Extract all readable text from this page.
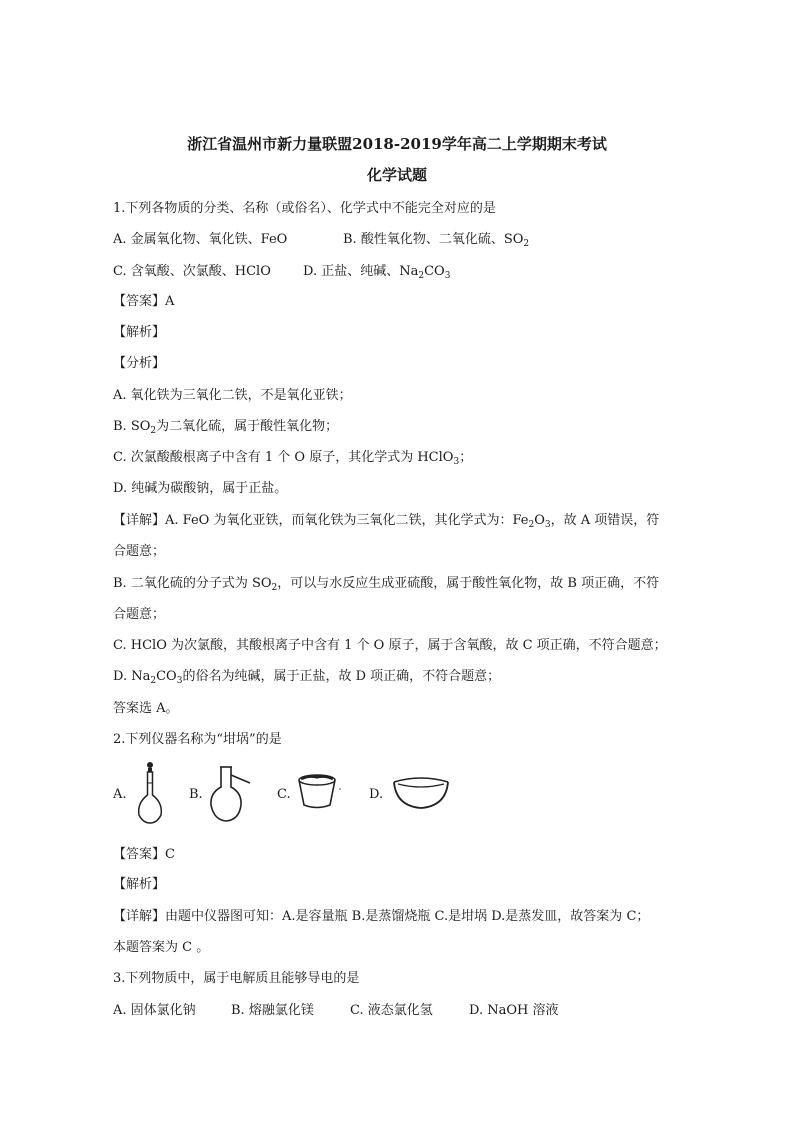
浙江省温州市新力量联盟2018-2019学年高二上学期期末考试
化学试题
1.下列各物质的分类、名称（或俗名）、化学式中不能完全对应的是
A. 金属氧化物、氧化铁、FeO	B. 酸性氧化物、二氧化硫、$SO_2$
C. 含氧酸、次氯酸、HClO D. 正盐、纯碱、$Na_2CO_3$
【答案】A
【解析】
【分析】
A. 氧化铁为三氧化二铁，不是氧化亚铁；
B. $SO_2$为二氧化硫，属于酸性氧化物；
C. 次氯酸酸根离子中含有 1 个 O 原子，其化学式为 HClO$_3$；
D. 纯碱为碳酸钠，属于正盐。
【详解】A. FeO 为氧化亚铁，而氧化铁为三氧化二铁，其化学式为：$Fe_2O_3$，故 A 项错误，符
合题意；
B. 二氧化硫的分子式为 $SO_2$，可以与水反应生成亚硫酸，属于酸性氧化物，故 B 项正确，不符
合题意；
C. HClO 为次氯酸，其酸根离子中含有 1 个 O 原子，属于含氧酸，故 C 项正确，不符合题意；
D. $Na_2CO_3$的俗名为纯碱，属于正盐，故 D 项正确，不符合题意；
答案选 A。
2.下列仪器名称为“坩埚”的是
A.	B.	C.	D.
【答案】C
【解析】
【详解】由题中仪器图可知：A.是容量瓶 B.是蒸馏烧瓶 C.是坩埚 D.是蒸发皿，故答案为 C；
本题答案为 C 。
3.下列物质中，属于电解质且能够导电的是
A. 固体氯化钠	B. 熔融氯化镁	C. 液态氯化氢	D. NaOH 溶液
